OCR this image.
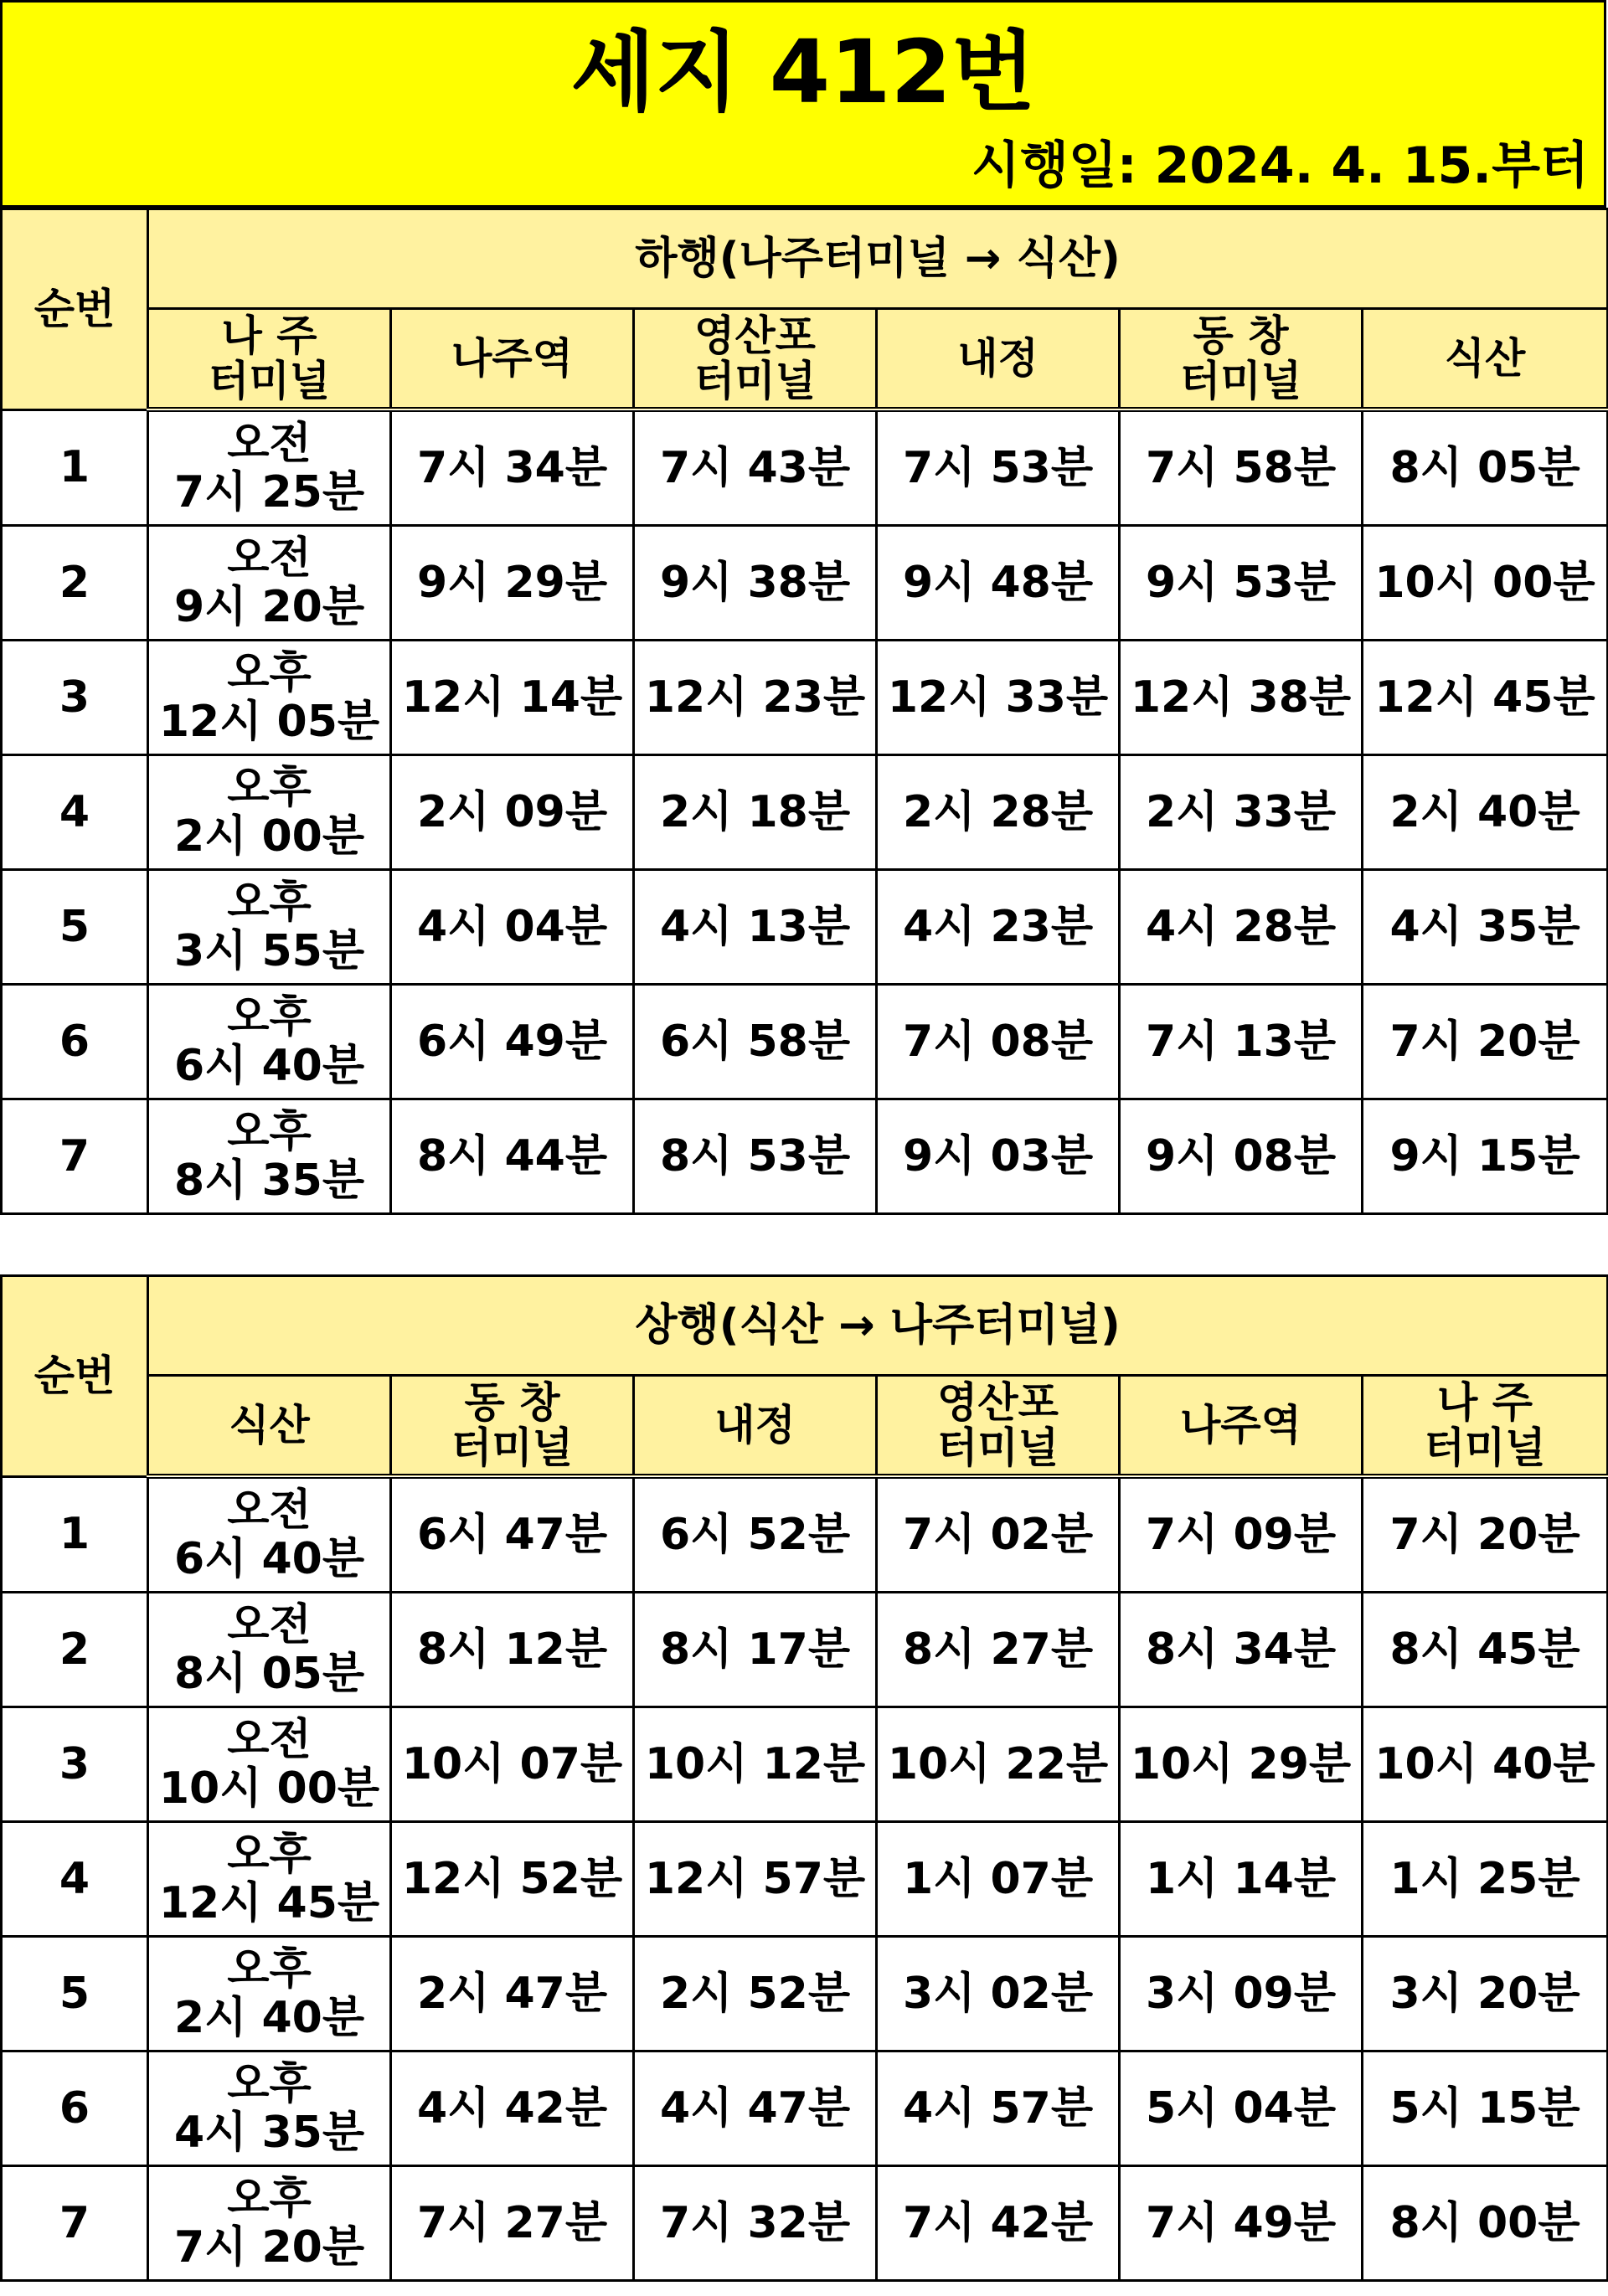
세지 412번
시행일: 2024. 4. 15.부터
순번	하행(나주터미널 → 식산)					

	나 주
터미널	나주역	영산포
터미널	내정	동 창
터미널	식산

1	오전
7시 25분	7시 34분	7시 43분	7시 53분	7시 58분	8시 05분
2	오전
9시 20분	9시 29분	9시 38분	9시 48분	9시 53분	10시 00분
3	오후
12시 05분	12시 14분	12시 23분	12시 33분	12시 38분	12시 45분
4	오후
2시 00분	2시 09분	2시 18분	2시 28분	2시 33분	2시 40분
5	오후
3시 55분	4시 04분	4시 13분	4시 23분	4시 28분	4시 35분
6	오후
6시 40분	6시 49분	6시 58분	7시 08분	7시 13분	7시 20분
7	오후
8시 35분	8시 44분	8시 53분	9시 03분	9시 08분	9시 15분
순번	상행(식산 → 나주터미널)					

	식산	동 창
터미널	내정	영산포
터미널	나주역	나 주
터미널

1	오전
6시 40분	6시 47분	6시 52분	7시 02분	7시 09분	7시 20분
2	오전
8시 05분	8시 12분	8시 17분	8시 27분	8시 34분	8시 45분
3	오전
10시 00분	10시 07분	10시 12분	10시 22분	10시 29분	10시 40분
4	오후
12시 45분	12시 52분	12시 57분	1시 07분	1시 14분	1시 25분
5	오후
2시 40분	2시 47분	2시 52분	3시 02분	3시 09분	3시 20분
6	오후
4시 35분	4시 42분	4시 47분	4시 57분	5시 04분	5시 15분
7	오후
7시 20분	7시 27분	7시 32분	7시 42분	7시 49분	8시 00분
